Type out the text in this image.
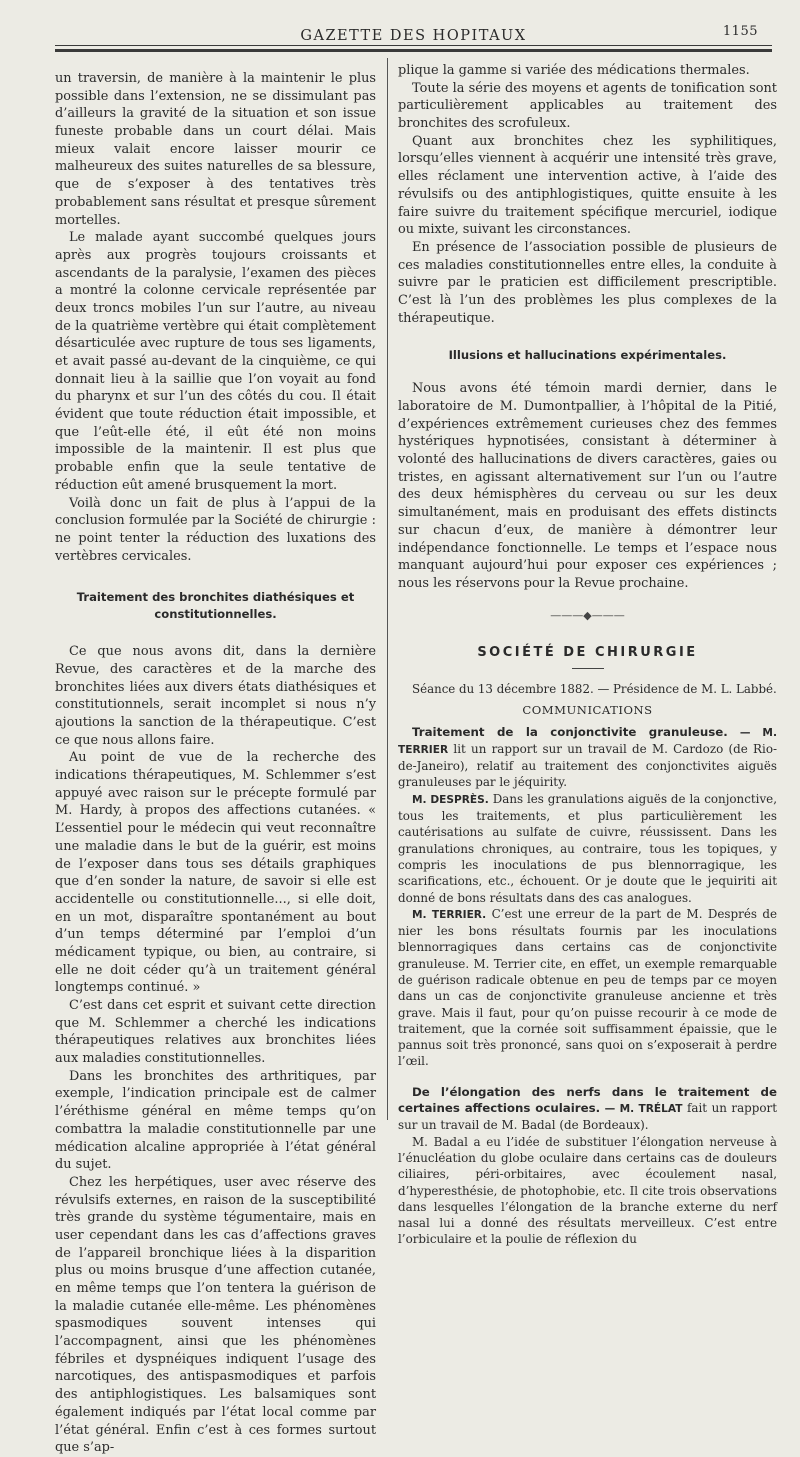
GAZETTE DES HOPITAUX	1155

un traversin, de manière à la maintenir le plus possible dans l’extension, ne se dissimulant pas d’ailleurs la gravité de la situation et son issue funeste probable dans un court délai. Mais mieux valait encore laisser mourir ce malheureux des suites naturelles de sa blessure, que de s’exposer à des tentatives très probablement sans résultat et presque sûrement mortelles.

Le malade ayant succombé quelques jours après aux progrès toujours croissants et ascendants de la paralysie, l’examen des pièces a montré la colonne cervicale représentée par deux troncs mobiles l’un sur l’autre, au niveau de la quatrième vertèbre qui était complètement désarticulée avec rupture de tous ses ligaments, et avait passé au-devant de la cinquième, ce qui donnait lieu à la saillie que l’on voyait au fond du pharynx et sur l’un des côtés du cou. Il était évident que toute réduction était impossible, et que l’eût-elle été, il eût été non moins impossible de la maintenir. Il est plus que probable enfin que la seule tentative de réduction eût amené brusquement la mort.

Voilà donc un fait de plus à l’appui de la conclusion formulée par la Société de chirurgie : ne point tenter la réduction des luxations des vertèbres cervicales.

Traitement des bronchites diathésiques et constitutionnelles.

Ce que nous avons dit, dans la dernière Revue, des caractères et de la marche des bronchites liées aux divers états diathésiques et constitutionnels, serait incomplet si nous n’y ajoutions la sanction de la thérapeutique. C’est ce que nous allons faire.

Au point de vue de la recherche des indications thérapeutiques, M. Schlemmer s’est appuyé avec raison sur le précepte formulé par M. Hardy, à propos des affections cutanées. « L’essentiel pour le médecin qui veut reconnaître une maladie dans le but de la guérir, est moins de l’exposer dans tous ses détails graphiques que d’en sonder la nature, de savoir si elle est accidentelle ou constitutionnelle..., si elle doit, en un mot, disparaître spontanément au bout d’un temps déterminé par l’emploi d’un médicament typique, ou bien, au contraire, si elle ne doit céder qu’à un traitement général longtemps continué. »

C’est dans cet esprit et suivant cette direction que M. Schlemmer a cherché les indications thérapeutiques relatives aux bronchites liées aux maladies constitutionnelles.

Dans les bronchites des arthritiques, par exemple, l’indication principale est de calmer l’éréthisme général en même temps qu’on combattra la maladie constitutionnelle par une médication alcaline appropriée à l’état général du sujet.

Chez les herpétiques, user avec réserve des révulsifs externes, en raison de la susceptibilité très grande du système tégumentaire, mais en user cependant dans les cas d’affections graves de l’appareil bronchique liées à la disparition plus ou moins brusque d’une affection cutanée, en même temps que l’on tentera la guérison de la maladie cutanée elle-même. Les phénomènes spasmodiques souvent intenses qui l’accompagnent, ainsi que les phénomènes fébriles et dyspnéiques indiquent l’usage des narcotiques, des antispasmodiques et parfois des antiphlogistiques. Les balsamiques sont également indiqués par l’état local comme par l’état général. Enfin c’est à ces formes surtout que s’ap-

plique la gamme si variée des médications thermales.

Toute la série des moyens et agents de tonification sont particulièrement applicables au traitement des bronchites des scrofuleux.

Quant aux bronchites chez les syphilitiques, lorsqu’elles viennent à acquérir une intensité très grave, elles réclament une intervention active, à l’aide des révulsifs ou des antiphlogistiques, quitte ensuite à les faire suivre du traitement spécifique mercuriel, iodique ou mixte, suivant les circonstances.

En présence de l’association possible de plusieurs de ces maladies constitutionnelles entre elles, la conduite à suivre par le praticien est difficilement prescriptible. C’est là l’un des problèmes les plus complexes de la thérapeutique.

Illusions et hallucinations expérimentales.

Nous avons été témoin mardi dernier, dans le laboratoire de M. Dumontpallier, à l’hôpital de la Pitié, d’expériences extrêmement curieuses chez des femmes hystériques hypnotisées, consistant à déterminer à volonté des hallucinations de divers caractères, gaies ou tristes, en agissant alternativement sur l’un ou l’autre des deux hémisphères du cerveau ou sur les deux simultanément, mais en produisant des effets distincts sur chacun d’eux, de manière à démontrer leur indépendance fonctionnelle. Le temps et l’espace nous manquant aujourd’hui pour exposer ces expériences ; nous les réservons pour la Revue prochaine.

———◆———
SOCIÉTÉ DE CHIRURGIE

Séance du 13 décembre 1882. — Présidence de M. L. Labbé.

COMMUNICATIONS

Traitement de la conjonctivite granuleuse. — M. TERRIER lit un rapport sur un travail de M. Cardozo (de Rio-de-Janeiro), relatif au traitement des conjonctivites aiguës granuleuses par le jéquirity.

M. DESPRÈS. Dans les granulations aiguës de la conjonctive, tous les traitements, et plus particulièrement les cautérisations au sulfate de cuivre, réussissent. Dans les granulations chroniques, au contraire, tous les topiques, y compris les inoculations de pus blennorragique, les scarifications, etc., échouent. Or je doute que le jequiriti ait donné de bons résultats dans des cas analogues.

M. TERRIER. C’est une erreur de la part de M. Després de nier les bons résultats fournis par les inoculations blennorragiques dans certains cas de conjonctivite granuleuse. M. Terrier cite, en effet, un exemple remarquable de guérison radicale obtenue en peu de temps par ce moyen dans un cas de conjonctivite granuleuse ancienne et très grave. Mais il faut, pour qu’on puisse recourir à ce mode de traitement, que la cornée soit suffisamment épaissie, que le pannus soit très prononcé, sans quoi on s’exposerait à perdre l’œil.

De l’élongation des nerfs dans le traitement de certaines affections oculaires. — M. TRÉLAT fait un rapport sur un travail de M. Badal (de Bordeaux).

M. Badal a eu l’idée de substituer l’élongation nerveuse à l’énucléation du globe oculaire dans certains cas de douleurs ciliaires, péri-orbitaires, avec écoulement nasal, d’hyperesthésie, de photophobie, etc. Il cite trois observations dans lesquelles l’élongation de la branche externe du nerf nasal lui a donné des résultats merveilleux. C’est entre l’orbiculaire et la poulie de réflexion du
